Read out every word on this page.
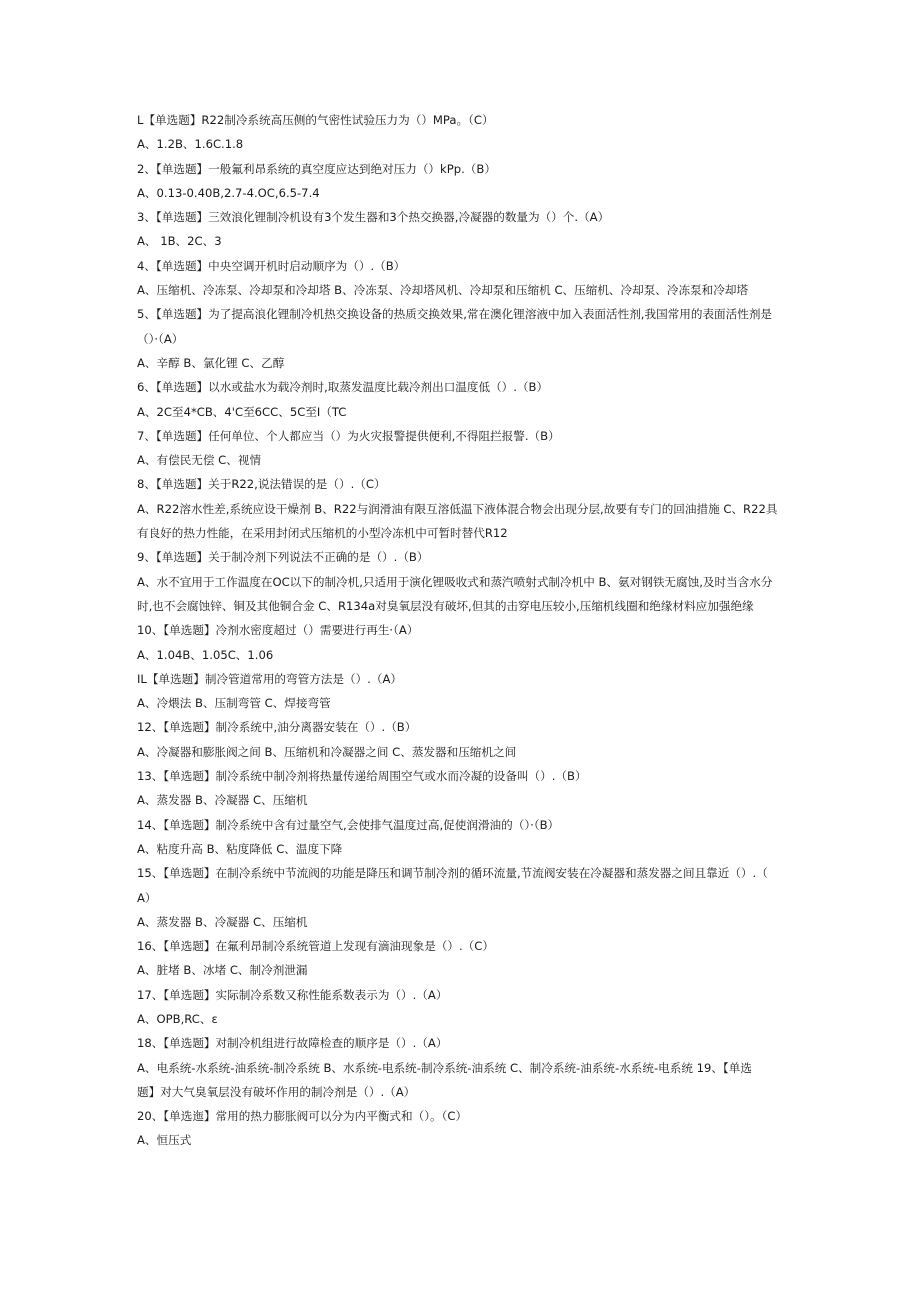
L【单选题】R22制冷系统高压侧的气密性试验压力为（）MPa。（C）
A、1.2B、1.6C.1.8
2、【单选题】一般氟利昂系统的真空度应达到绝对压力（）kPp.（B）
A、0.13-0.40B,2.7-4.OC,6.5-7.4
3、【单选题】三效浪化锂制冷机设有3个发生器和3个热交换器,冷凝器的数量为（）个.（A）
A、 1B、2C、3
4、【单选题】中央空调开机时启动顺序为（）.（B）
A、压缩机、冷冻泵、冷却泵和冷却塔 B、冷冻泵、冷却塔风机、冷却泵和压缩机 C、压缩机、冷却泵、冷冻泵和冷却塔
5、【单选题】为了提高浪化锂制冷机热交换设备的热质交换效果,常在澳化锂溶液中加入表面活性剂,我国常用的表面活性剂是
（）·（A）
A、辛醇 B、氯化锂 C、乙醇
6、【单选题】以水或盐水为载冷剂时,取蒸发温度比载冷剂出口温度低（）.（B）
A、2C至4*CB、4'C至6CC、5C至I（TC
7、【单选题】任何单位、个人都应当（）为火灾报警提供便利,不得阻拦报警.（B）
A、有偿民无偿 C、视情
8、【单选题】关于R22,说法错误的是（）.（C）
A、R22溶水性差,系统应设干燥剂 B、R22与润滑油有限互溶低温下液体混合物会出现分层,故要有专门的回油措施 C、R22具
有良好的热力性能，在采用封闭式压缩机的小型冷冻机中可暂时替代R12
9、【单选题】关于制冷剂下列说法不正确的是（）.（B）
A、水不宜用于工作温度在OC以下的制冷机,只适用于演化锂吸收式和蒸汽喷射式制冷机中 B、氨对钢铁无腐蚀,及时当含水分
时,也不会腐蚀锌、铜及其他铜合金 C、R134a对臭氧层没有破坏,但其的击穿电压较小,压缩机线圈和绝缘材料应加强绝缘
10、【单选题】冷剂水密度超过（）需要进行再生·（A）
A、1.04B、1.05C、1.06
IL【单选题】制冷管道常用的弯管方法是（）.（A）
A、冷煨法 B、压制弯管 C、焊接弯管
12、【单选题】制冷系统中,油分离器安装在（）.（B）
A、冷凝器和膨胀阀之间 B、压缩机和冷凝器之间 C、蒸发器和压缩机之间
13、【单选题】制冷系统中制冷剂将热量传递给周围空气或水而冷凝的设备叫（）.（B）
A、蒸发器 B、冷凝器 C、压缩机
14、【单选题】制冷系统中含有过量空气,会使排气温度过高,促使润滑油的（）·（B）
A、粘度升高 B、粘度降低 C、温度下降
15、【单选题】在制冷系统中节流阀的功能是降压和调节制冷剂的循环流量,节流阀安装在冷凝器和蒸发器之间且靠近（）.（
A）
A、蒸发器 B、冷凝器 C、压缩机
16、【单选题】在氟利昂制冷系统管道上发现有滴油现象是（）.（C）
A、脏堵 B、冰堵 C、制冷剂泄漏
17、【单选题】实际制冷系数又称性能系数表示为（）.（A）
A、OPB,RC、ε
18、【单选题】对制冷机组进行故障检查的顺序是（）.（A）
A、电系统-水系统-油系统-制冷系统 B、水系统-电系统-制冷系统-油系统 C、制冷系统-油系统-水系统-电系统 19、【单选
题】对大气臭氧层没有破坏作用的制冷剂是（）.（A）
20、【单选迤】常用的热力膨胀阀可以分为内平衡式和（）。（C）
A、恒压式
